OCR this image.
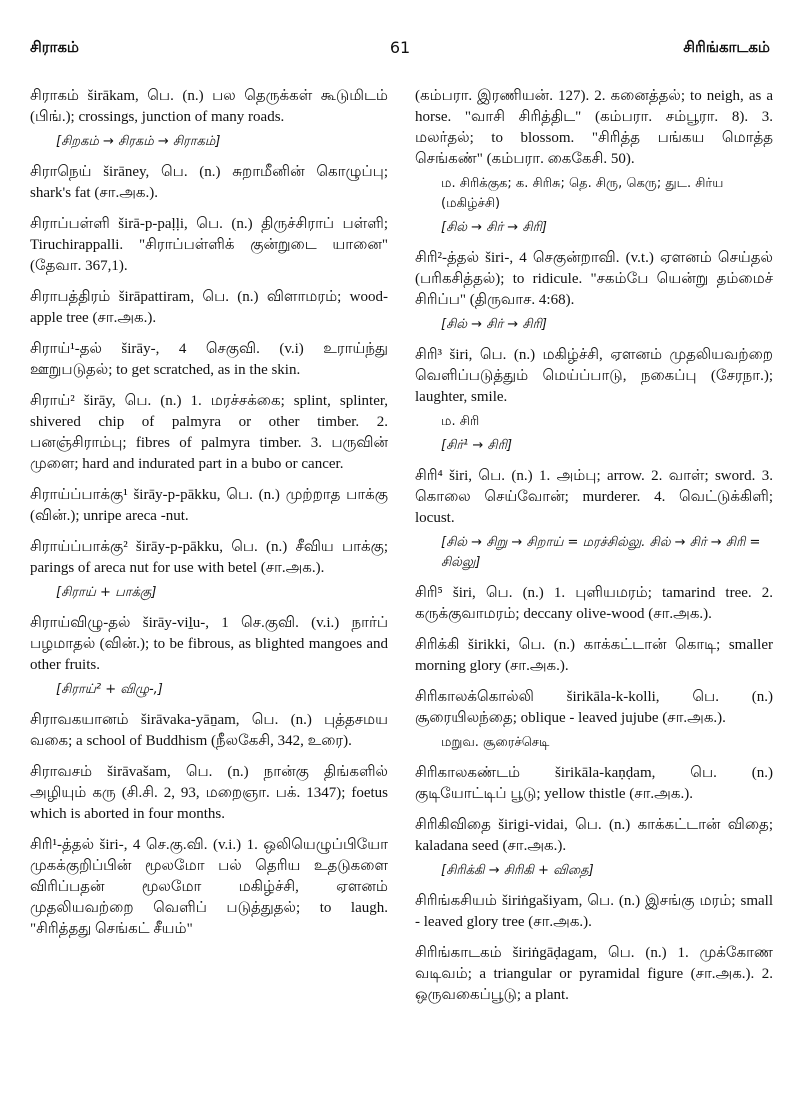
சிராகம்	61	சிரிங்காடகம்

சிராகம் širākam, பெ. (n.) பல தெருக்கள் கூடுமிடம் (பிங்.); crossings, junction of many roads.

[சிறகம் → சிரகம் → சிராகம்]

சிராநெய் širāney, பெ. (n.) சுறாமீனின் கொழுப்பு; shark's fat (சா.அக.).

சிராப்பள்ளி širā-p-paḷḷi, பெ. (n.) திருச்சிராப் பள்ளி; Tiruchirappalli. "சிராப்பள்ளிக் குன்றுடை யானை" (தேவா. 367,1).

சிராபத்திரம் širāpattiram, பெ. (n.) விளாமரம்; wood-apple tree (சா.அக.).

சிராய்¹-தல் širāy-, 4 செகுவி. (v.i) உராய்ந்து ஊறுபடுதல்; to get scratched, as in the skin.

சிராய்² širāy, பெ. (n.) 1. மரச்சக்கை; splint, splinter, shivered chip of palmyra or other timber. 2. பனஞ்சிராம்பு; fibres of palmyra timber. 3. பருவின் முளை; hard and indurated part in a bubo or cancer.

சிராய்ப்பாக்கு¹ širāy-p-pākku, பெ. (n.) முற்றாத பாக்கு (வின்.); unripe areca -nut.

சிராய்ப்பாக்கு² širāy-p-pākku, பெ. (n.) சீவிய பாக்கு; parings of areca nut for use with betel (சா.அக.).

[சிராய் + பாக்கு]

சிராய்விழு-தல் širāy-viḻu-, 1 செ.குவி. (v.i.) நார்ப் பழமாதல் (வின்.); to be fibrous, as blighted mangoes and other fruits.

[சிராய்² + விழு-,]

சிராவகயானம் širāvaka-yāṉam, பெ. (n.) புத்தசமய வகை; a school of Buddhism (நீலகேசி, 342, உரை).

சிராவசம் širāvašam, பெ. (n.) நான்கு திங்களில் அழியும் கரு (சி.சி. 2, 93, மறைஞா. பக். 1347); foetus which is aborted in four months.

சிரி¹-த்தல் širi-, 4 செ.கு.வி. (v.i.) 1. ஒலியெழுப்பியோ முகக்குறிப்பின் மூலமோ பல் தெரிய உதடுகளை விரிப்பதன் மூலமோ மகிழ்ச்சி, ஏளனம் முதலியவற்றை வெளிப் படுத்துதல்; to laugh. "சிரித்தது செங்கட் சீயம்"

(கம்பரா. இரணியன். 127). 2. கனைத்தல்; to neigh, as a horse. "வாசி சிரித்திட" (கம்பரா. சம்பூரா. 8). 3. மலர்தல்; to blossom. "சிரித்த பங்கய மொத்த செங்கண்" (கம்பரா. கைகேசி. 50).

ம. சிரிக்குக; க. சிரிசு; தெ. சிரு, கெரு; துட. சிர்ய (மகிழ்ச்சி)
[சில் → சிர் → சிரி]

சிரி²-த்தல் širi-, 4 செகுன்றாவி. (v.t.) ஏளனம் செய்தல் (பரிகசித்தல்); to ridicule. "சகம்பே யென்று தம்மைச் சிரிப்ப" (திருவாச. 4:68).

[சில் → சிர் → சிரி]

சிரி³ širi, பெ. (n.) மகிழ்ச்சி, ஏளனம் முதலியவற்றை வெளிப்படுத்தும் மெய்ப்பாடு, நகைப்பு (சேரநா.); laughter, smile.

ம. சிரி
[சிர்¹ → சிரி]

சிரி⁴ širi, பெ. (n.) 1. அம்பு; arrow. 2. வாள்; sword. 3. கொலை செய்வோன்; murderer. 4. வெட்டுக்கிளி; locust.

[சில் → சிறு → சிறாய் = மரச்சில்லு. சில் → சிர் → சிரி = சில்லு]

சிரி⁵ širi, பெ. (n.) 1. புளியமரம்; tamarind tree. 2. கருக்குவாமரம்; deccany olive-wood (சா.அக.).

சிரிக்கி širikki, பெ. (n.) காக்கட்டான் கொடி; smaller morning glory (சா.அக.).

சிரிகாலக்கொல்லி širikāla-k-kolli, பெ. (n.) சூரையிலந்தை; oblique - leaved jujube (சா.அக.).

மறுவ. சூரைச்செடி

சிரிகாலகண்டம் širikāla-kaṇḍam, பெ. (n.) குடியோட்டிப் பூடு; yellow thistle (சா.அக.).

சிரிகிவிதை širigi-vidai, பெ. (n.) காக்கட்டான் விதை; kaladana seed (சா.அக.).

[சிரிக்கி → சிரிகி + விதை]

சிரிங்கசியம் širiṅgašiyam, பெ. (n.) இசங்கு மரம்; small - leaved glory tree (சா.அக.).

சிரிங்காடகம் širiṅgāḍagam, பெ. (n.) 1. முக்கோண வடிவம்; a triangular or pyramidal figure (சா.அக.). 2. ஒருவகைப்பூடு; a plant.
